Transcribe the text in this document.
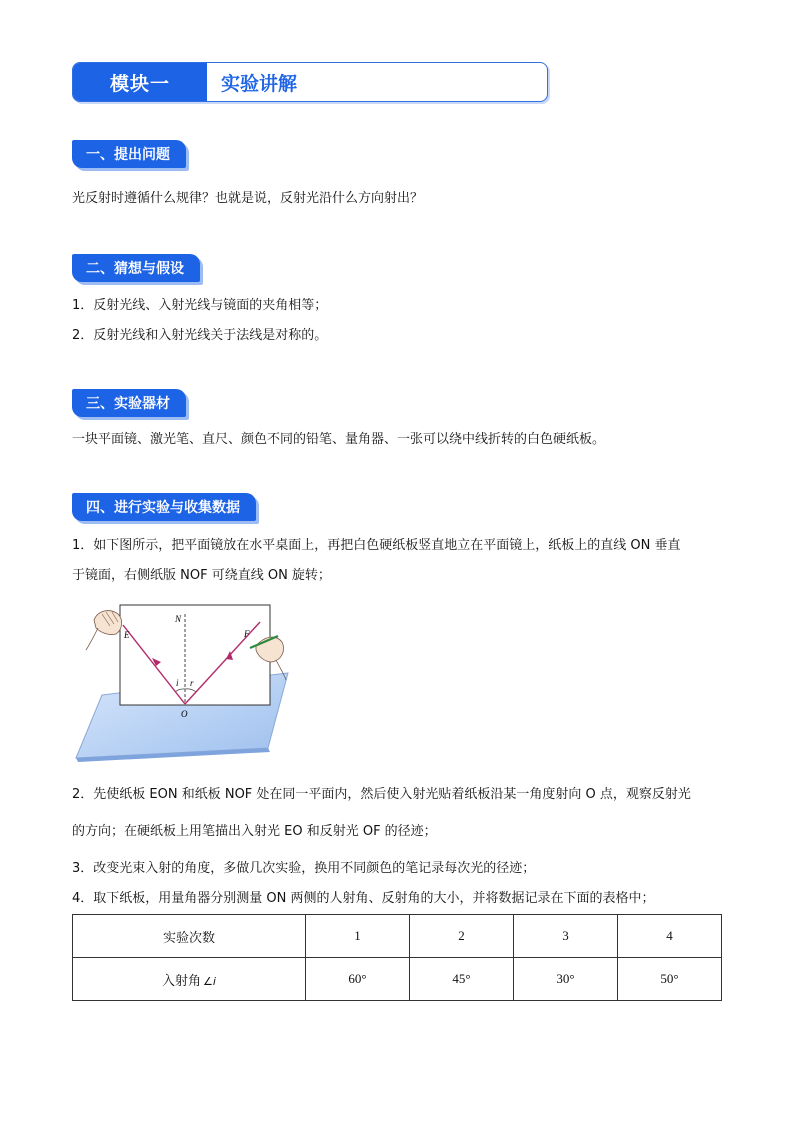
模块一	实验讲解
一、提出问题
光反射时遵循什么规律？也就是说，反射光沿什么方向射出？
二、猜想与假设
1．反射光线、入射光线与镜面的夹角相等；
2．反射光线和入射光线关于法线是对称的。
三、实验器材
一块平面镜、激光笔、直尺、颜色不同的铅笔、量角器、一张可以绕中线折转的白色硬纸板。
四、进行实验与收集数据
1．如下图所示，把平面镜放在水平桌面上，再把白色硬纸板竖直地立在平面镜上，纸板上的直线 ON 垂直
于镜面，右侧纸版 NOF 可绕直线 ON 旋转；
N
E	F
i r
O
2．先使纸板 EON 和纸板 NOF 处在同一平面内，然后使入射光贴着纸板沿某一角度射向 O 点，观察反射光
的方向；在硬纸板上用笔描出入射光 EO 和反射光 OF 的径迹；
3．改变光束入射的角度，多做几次实验，换用不同颜色的笔记录每次光的径迹；
4．取下纸板，用量角器分别测量 ON 两侧的人射角、反射角的大小，并将数据记录在下面的表格中；
实验次数	1	2	3	4
入射角 ∠i	60°	45°	30°	50°
